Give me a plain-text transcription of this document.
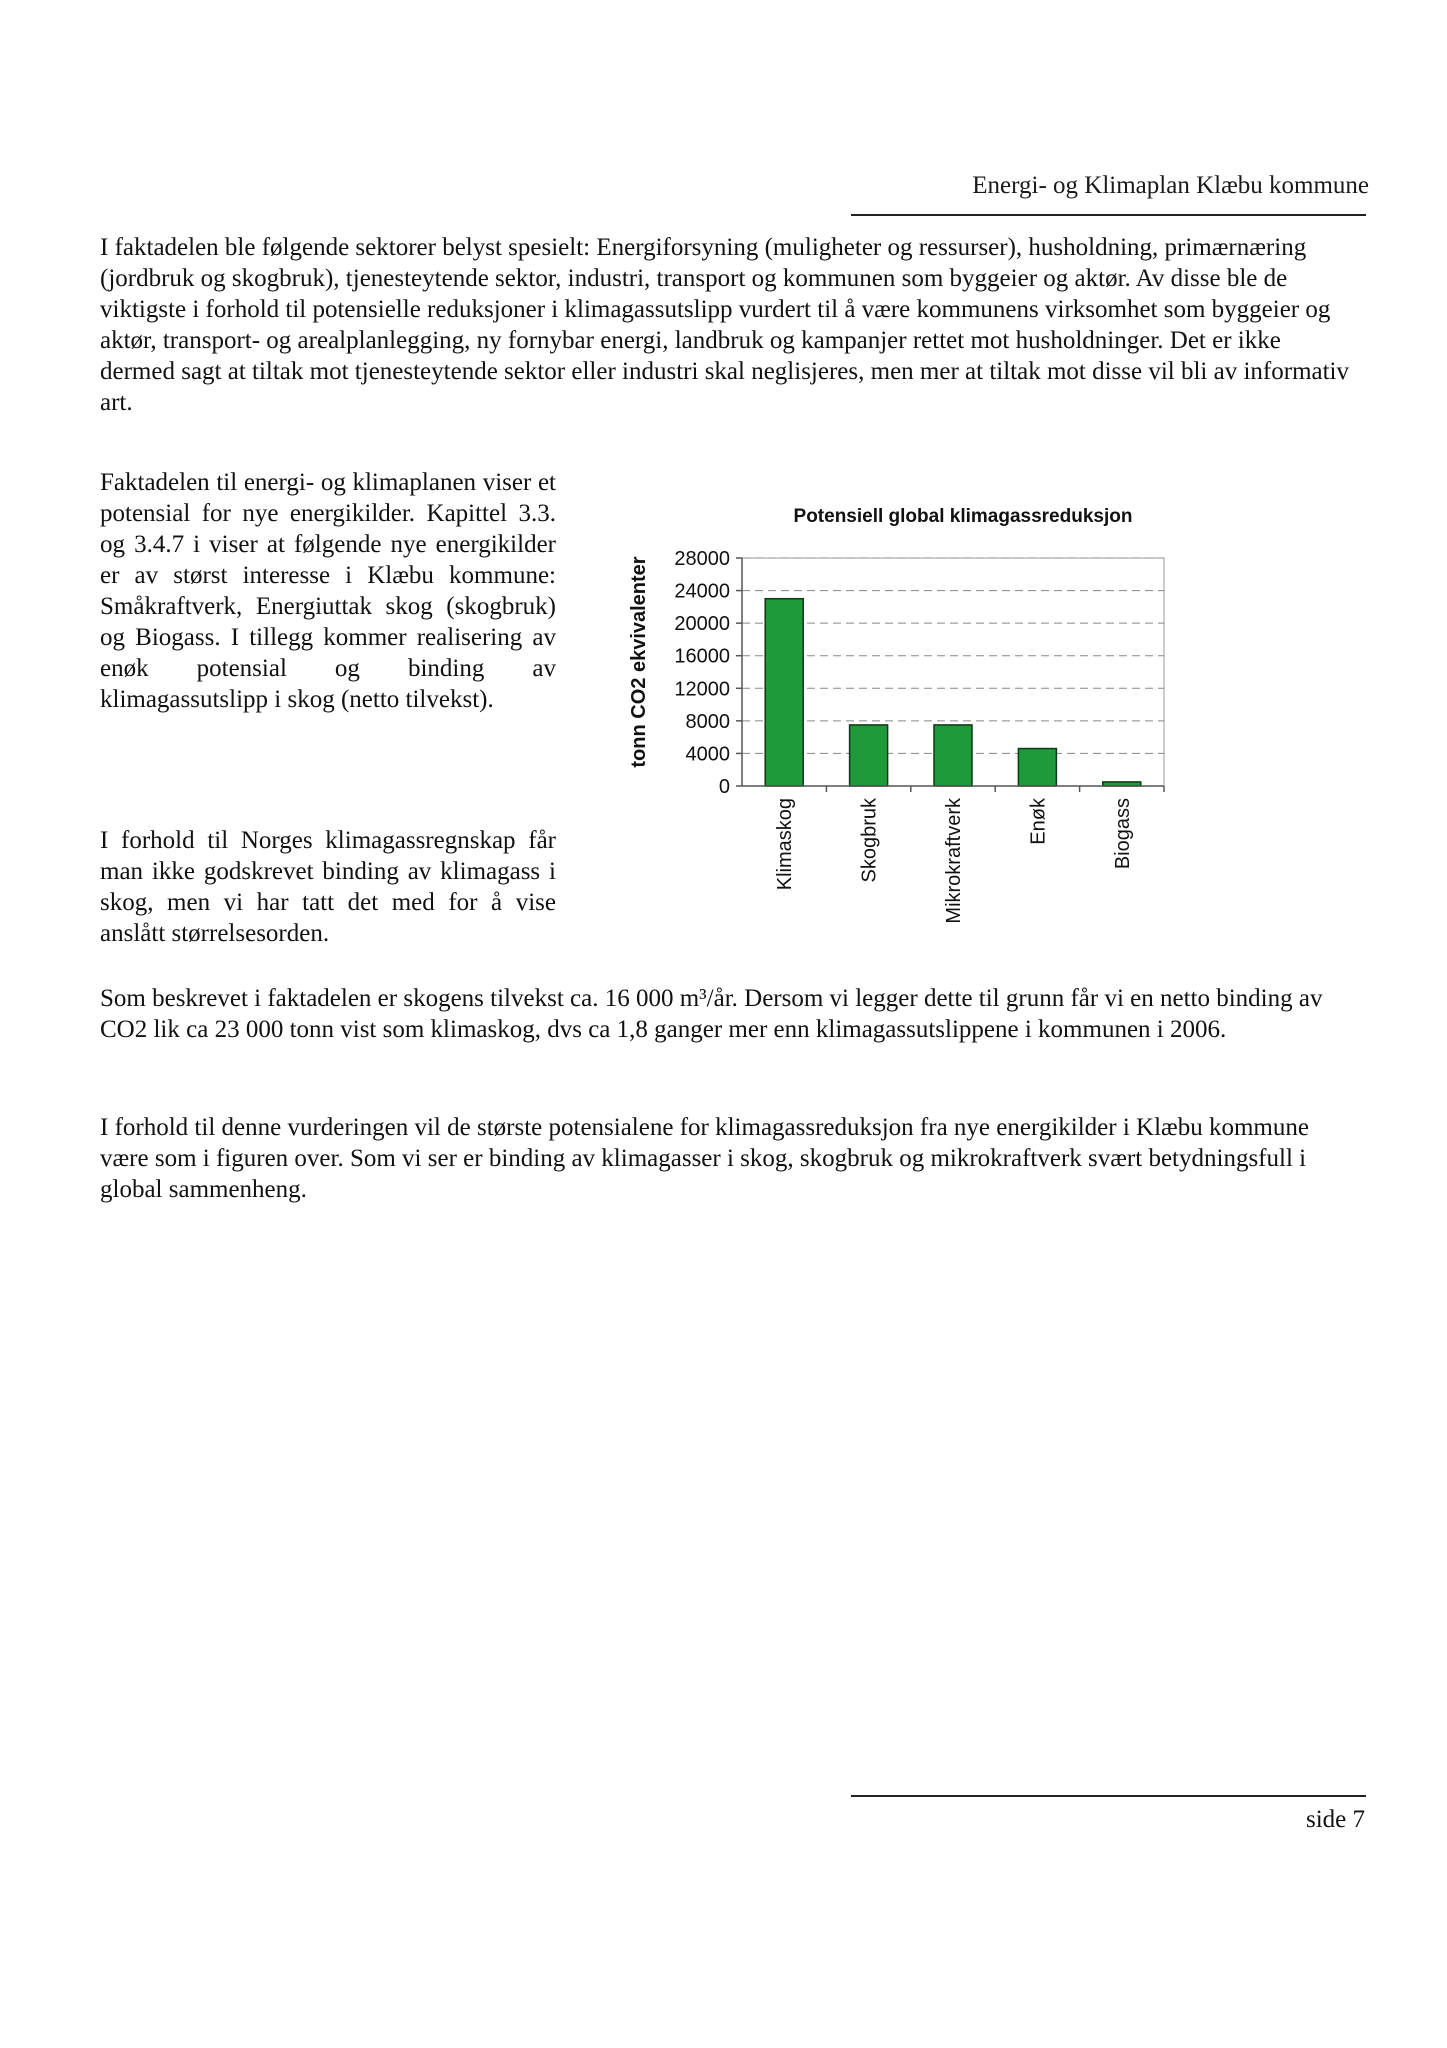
Energi- og Klimaplan Klæbu kommune

I faktadelen ble følgende sektorer belyst spesielt: Energiforsyning (muligheter og ressurser), husholdning, primærnæring (jordbruk og skogbruk), tjenesteytende sektor, industri, transport og kommunen som byggeier og aktør. Av disse ble de viktigste i forhold til potensielle reduksjoner i klimagassutslipp vurdert til å være kommunens virksomhet som byggeier og aktør, transport- og arealplanlegging, ny fornybar energi, landbruk og kampanjer rettet mot husholdninger. Det er ikke dermed sagt at tiltak mot tjenesteytende sektor eller industri skal neglisjeres, men mer at tiltak mot disse vil bli av informativ art.

Faktadelen til energi- og klimaplanen viser et potensial for nye energikilder. Kapittel 3.3. og 3.4.7 i viser at følgende nye energikilder er av størst interesse i Klæbu kommune: Småkraftverk, Energiuttak skog (skogbruk) og Biogass. I tillegg kommer realisering av enøk potensial og binding av klimagassutslipp i skog (netto tilvekst).

I forhold til Norges klimagassregnskap får man ikke godskrevet binding av klimagass i skog, men vi har tatt det med for å vise anslått størrelsesorden.

Potensiell global klimagassreduksjon
tonn CO2 ekvivalenter 28000
24000
20000
16000
12000
8000
4000
0
Klimaskog	Skogbruk	Mikrokraftverk	Enøk	Biogass

Som beskrevet i faktadelen er skogens tilvekst ca. 16 000 m³/år. Dersom vi legger dette til grunn får vi en netto binding av CO2 lik ca 23 000 tonn vist som klimaskog, dvs ca 1,8 ganger mer enn klimagassutslippene i kommunen i 2006.

I forhold til denne vurderingen vil de største potensialene for klimagassreduksjon fra nye energikilder i Klæbu kommune være som i figuren over. Som vi ser er binding av klimagasser i skog, skogbruk og mikrokraftverk svært betydningsfull i global sammenheng.

side 7
